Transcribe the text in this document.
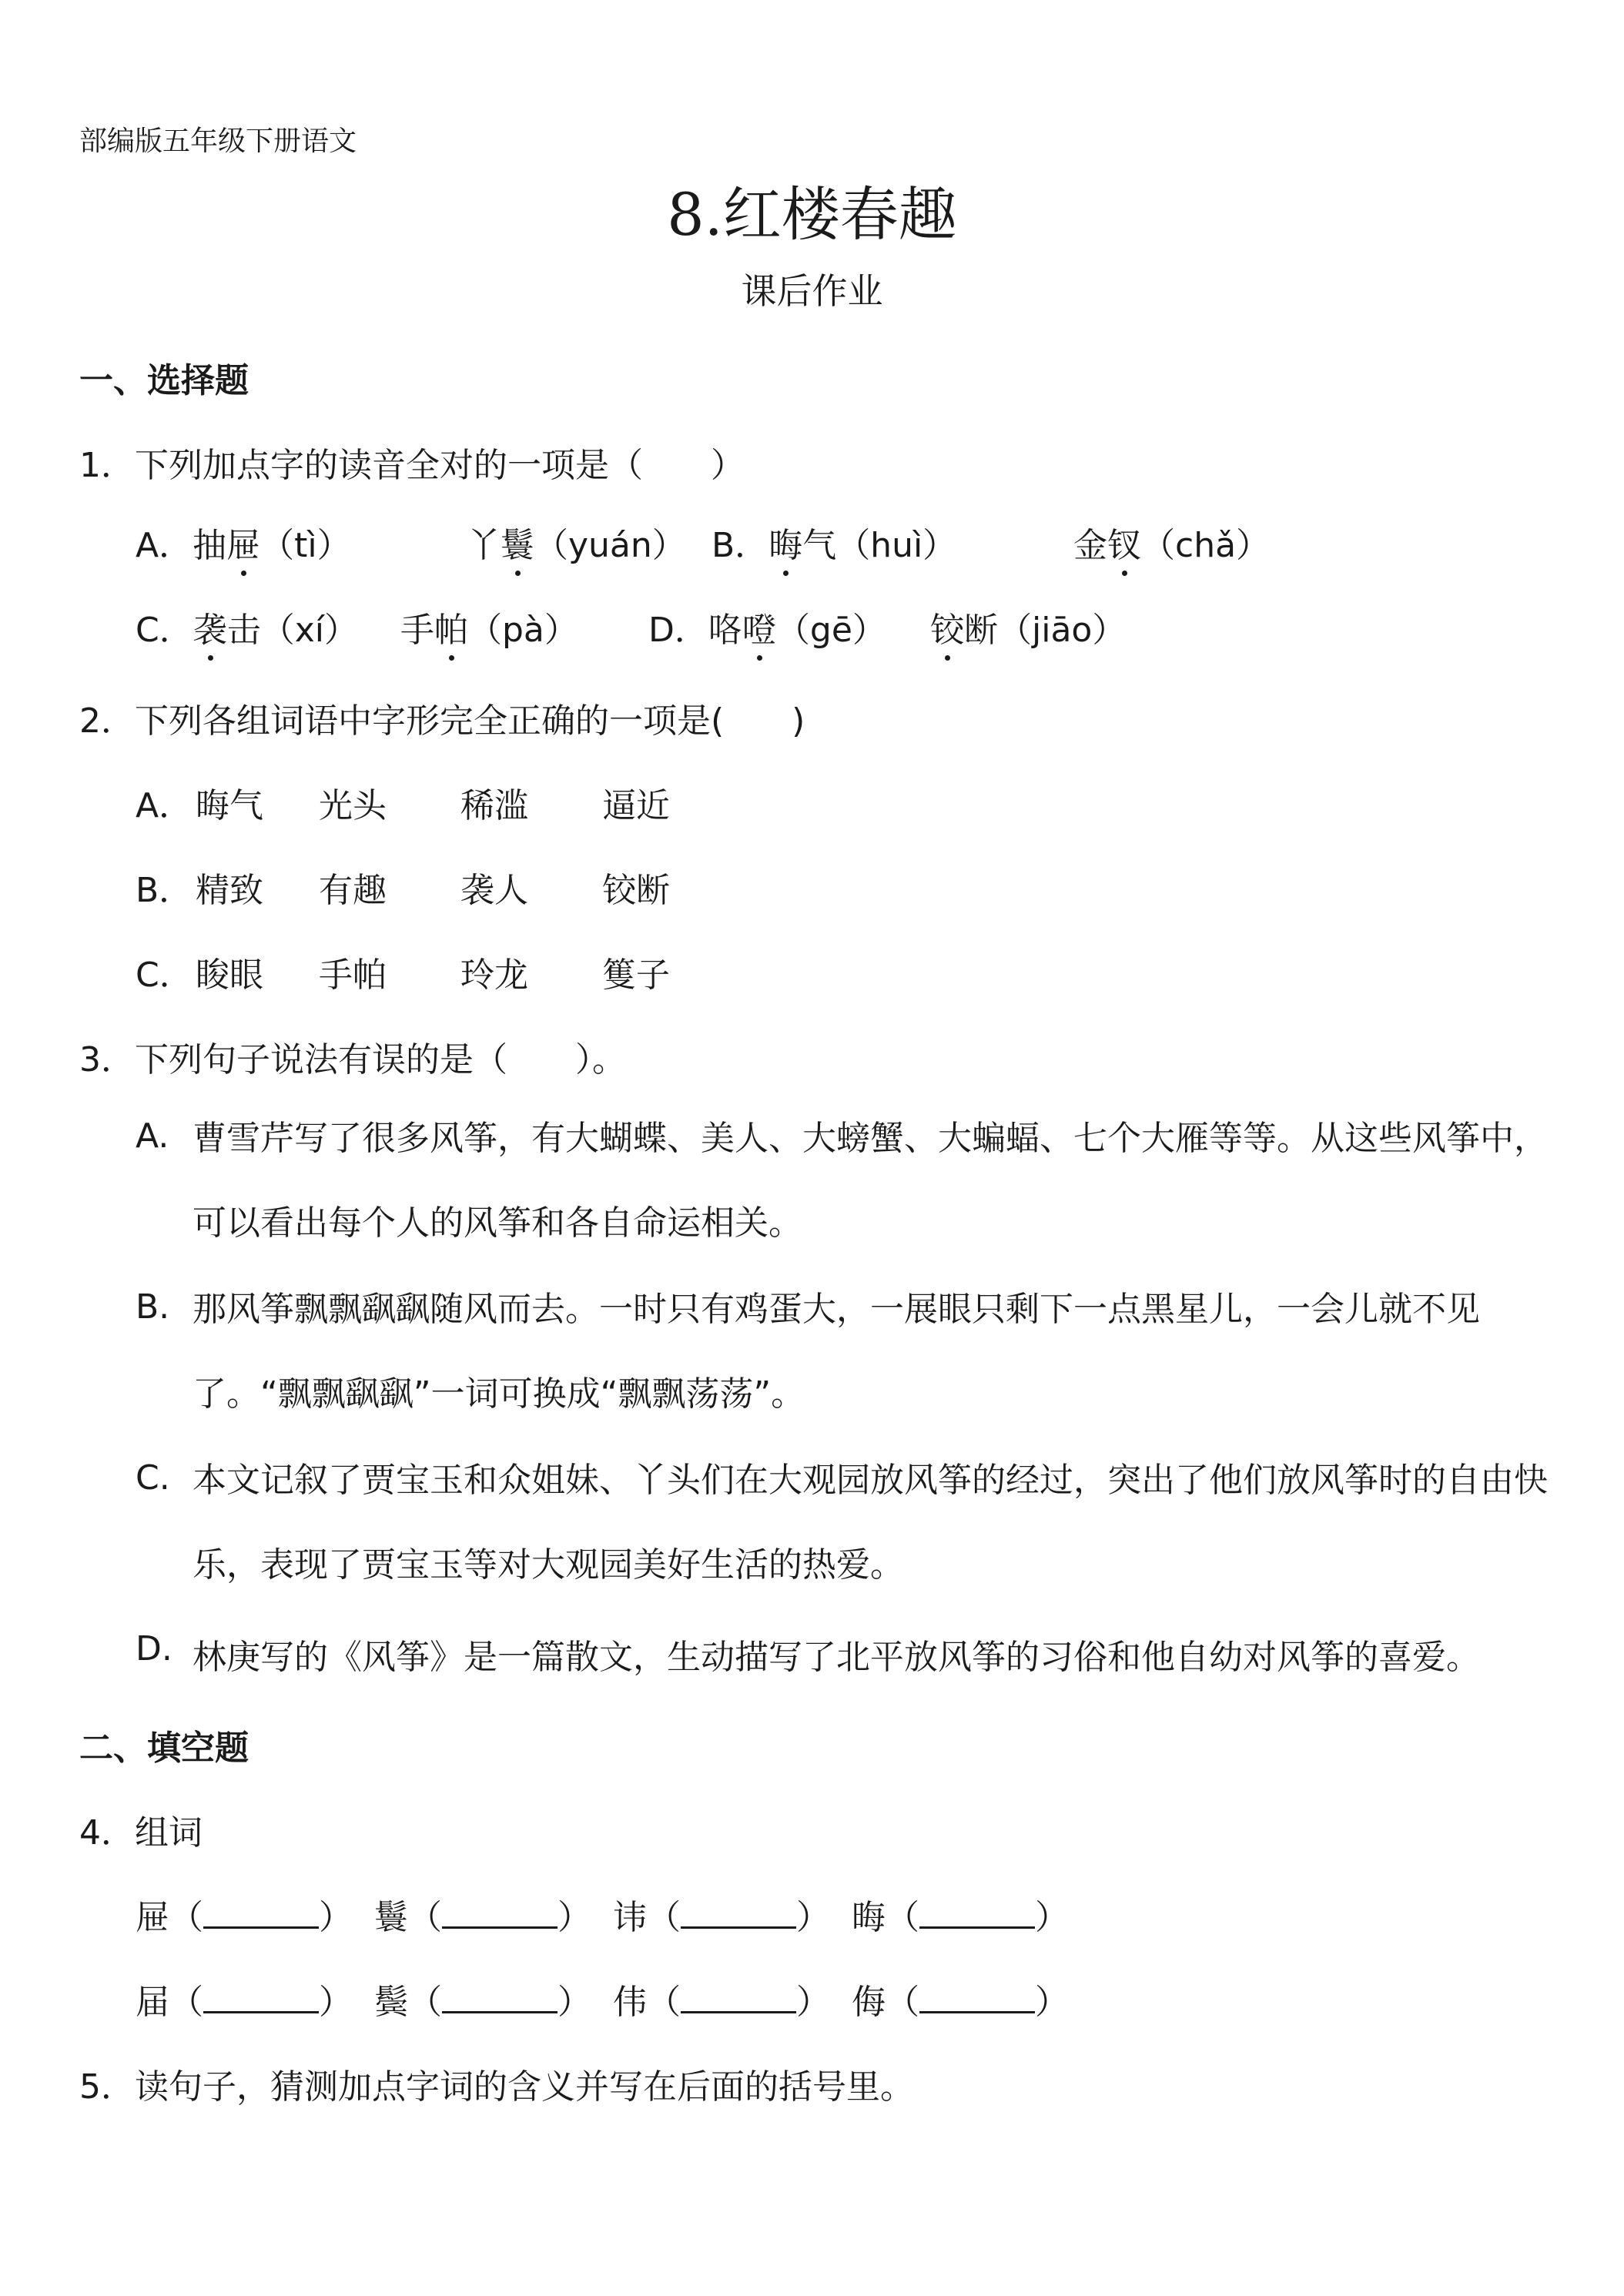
部编版五年级下册语文
8.红楼春趣
课后作业
一、选择题
1．下列加点字的读音全对的一项是（　　）
A．抽屉（tì）	丫鬟（yuán） B．晦气（huì）	金钗（chǎ）
C．袭击（xí） 手帕（pà） D．咯噔（gē） 铰断（jiāo）
2．下列各组词语中字形完全正确的一项是(　　)
A． 晦气 光头 稀滥 逼近
B． 精致 有趣 袭人 铰断
C． 睃眼 手帕 玲龙 篗子
3．下列句子说法有误的是（　　）。
A. 曹雪芹写了很多风筝，有大蝴蝶、美人、大螃蟹、大蝙蝠、七个大雁等等。从这些风筝中，可以看出每个人的风筝和各自命运相关。
B. 那风筝飘飘飖飖随风而去。一时只有鸡蛋大，一展眼只剩下一点黑星儿，一会儿就不见了。“飘飘飖飖”一词可换成“飘飘荡荡”。
C. 本文记叙了贾宝玉和众姐妹、丫头们在大观园放风筝的经过，突出了他们放风筝时的自由快乐，表现了贾宝玉等对大观园美好生活的热爱。
D. 林庚写的《风筝》是一篇散文，生动描写了北平放风筝的习俗和他自幼对风筝的喜爱。
二、填空题
4．组词
屉（	） 鬟（	） 讳（	） 晦（	）
届（	） 鬓（	） 伟（	） 侮（	）
5．读句子，猜测加点字词的含义并写在后面的括号里。
